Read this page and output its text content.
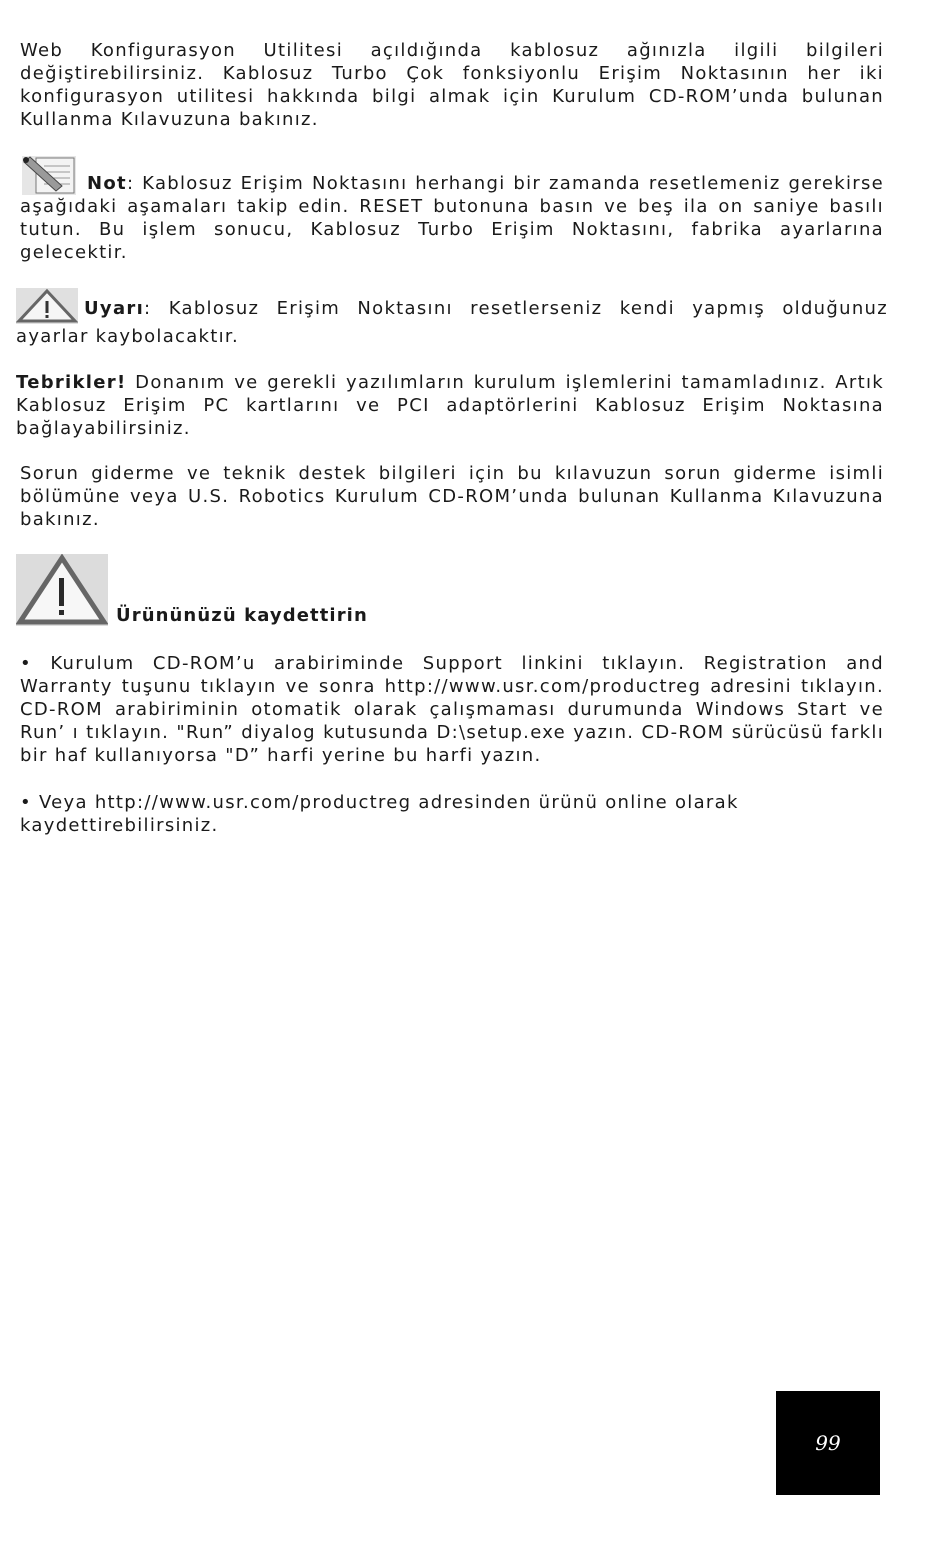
Web Konfigurasyon Utilitesi açıldığında kablosuz ağınızla ilgili bilgileri değiştirebilirsiniz. Kablosuz Turbo Çok fonksiyonlu Erişim Noktasının her iki konfigurasyon utilitesi hakkında bilgi almak için Kurulum CD-ROM’unda bulunan Kullanma Kılavuzuna bakınız.

Not: Kablosuz Erişim Noktasını herhangi bir zamanda resetlemeniz gerekirse aşağıdaki aşamaları takip edin. RESET butonuna basın ve beş ila on saniye basılı tutun. Bu işlem sonucu, Kablosuz Turbo Erişim Noktasını, fabrika ayarlarına gelecektir.

Uyarı: Kablosuz Erişim Noktasını resetlerseniz kendi yapmış olduğunuz ayarlar kaybolacaktır.

Tebrikler! Donanım ve gerekli yazılımların kurulum işlemlerini tamamladınız. Artık Kablosuz Erişim PC kartlarını ve PCI adaptörlerini Kablosuz Erişim Noktasına bağlayabilirsiniz.

Sorun giderme ve teknik destek bilgileri için bu kılavuzun sorun giderme isimli bölümüne veya U.S. Robotics Kurulum CD-ROM’unda bulunan Kullanma Kılavuzuna bakınız.

Ürününüzü kaydettirin

• Kurulum CD-ROM’u arabiriminde Support linkini tıklayın. Registration and Warranty tuşunu tıklayın ve sonra http://www.usr.com/productreg adresini tıklayın. CD-ROM arabiriminin otomatik olarak çalışmaması durumunda Windows Start ve Run’ ı tıklayın. "Run” diyalog kutusunda D:\setup.exe yazın. CD-ROM sürücüsü farklı bir haf kullanıyorsa "D” harfi yerine bu harfi yazın.

• Veya http://www.usr.com/productreg adresinden ürünü online olarak kaydettirebilirsiniz.

99
